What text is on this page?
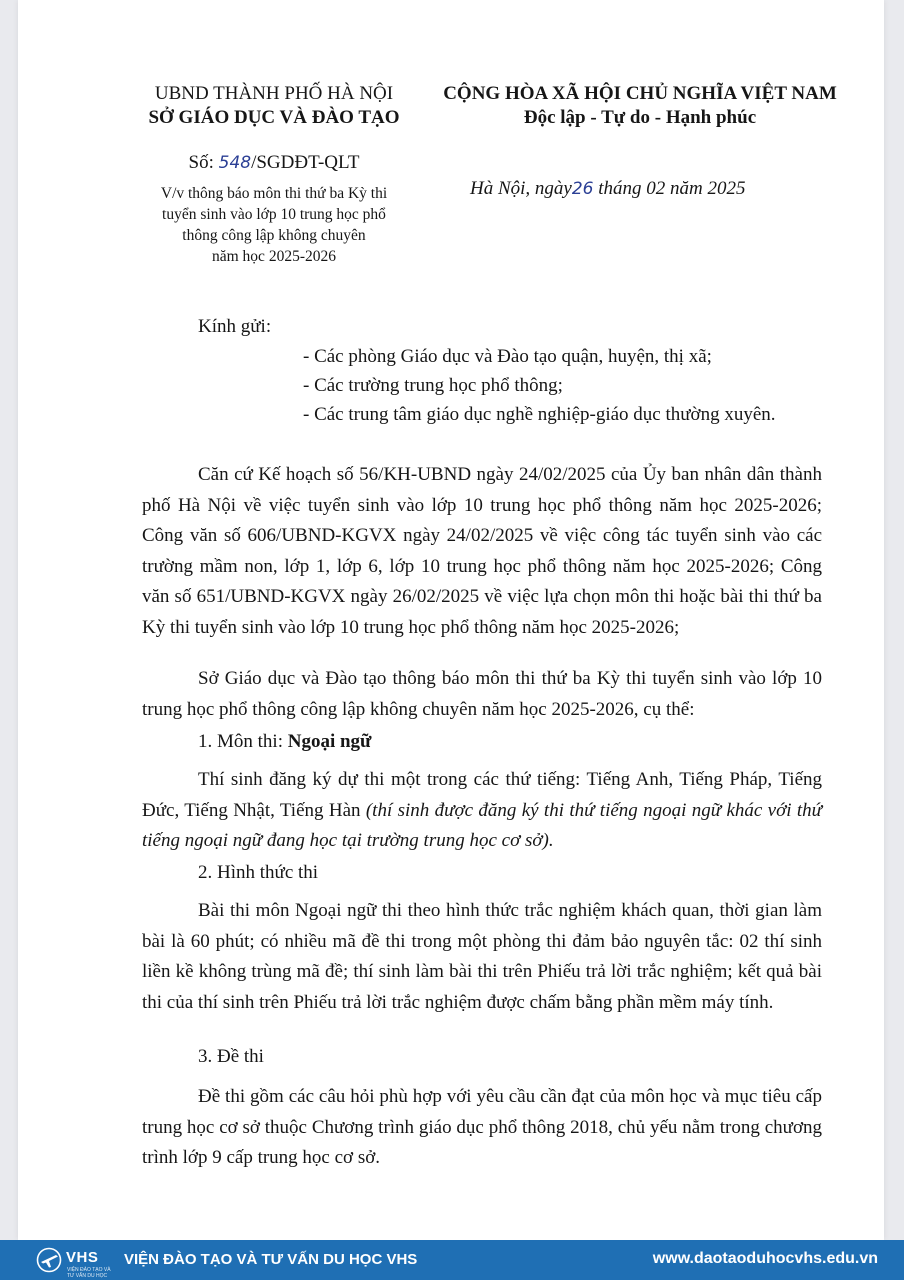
UBND THÀNH PHỐ HÀ NỘI
SỞ GIÁO DỤC VÀ ĐÀO TẠO
CỘNG HÒA XÃ HỘI CHỦ NGHĨA VIỆT NAM
Độc lập - Tự do - Hạnh phúc
Số: 548/SGDĐT-QLT
V/v thông báo môn thi thứ ba Kỳ thi
tuyển sinh vào lớp 10 trung học phổ
thông công lập không chuyên
năm học 2025-2026
Hà Nội, ngày26 tháng 02 năm 2025
Kính gửi:
- Các phòng Giáo dục và Đào tạo quận, huyện, thị xã;
- Các trường trung học phổ thông;
- Các trung tâm giáo dục nghề nghiệp-giáo dục thường xuyên.
Căn cứ Kế hoạch số 56/KH-UBND ngày 24/02/2025 của Ủy ban nhân dân thành phố Hà Nội về việc tuyển sinh vào lớp 10 trung học phổ thông năm học 2025-2026; Công văn số 606/UBND-KGVX ngày 24/02/2025 về việc công tác tuyển sinh vào các trường mầm non, lớp 1, lớp 6, lớp 10 trung học phổ thông năm học 2025-2026; Công văn số 651/UBND-KGVX ngày 26/02/2025 về việc lựa chọn môn thi hoặc bài thi thứ ba Kỳ thi tuyển sinh vào lớp 10 trung học phổ thông năm học 2025-2026;
Sở Giáo dục và Đào tạo thông báo môn thi thứ ba Kỳ thi tuyển sinh vào lớp 10 trung học phổ thông công lập không chuyên năm học 2025-2026, cụ thể:
1. Môn thi: Ngoại ngữ
Thí sinh đăng ký dự thi một trong các thứ tiếng: Tiếng Anh, Tiếng Pháp, Tiếng Đức, Tiếng Nhật, Tiếng Hàn (thí sinh được đăng ký thi thứ tiếng ngoại ngữ khác với thứ tiếng ngoại ngữ đang học tại trường trung học cơ sở).
2. Hình thức thi
Bài thi môn Ngoại ngữ thi theo hình thức trắc nghiệm khách quan, thời gian làm bài là 60 phút; có nhiều mã đề thi trong một phòng thi đảm bảo nguyên tắc: 02 thí sinh liền kề không trùng mã đề; thí sinh làm bài thi trên Phiếu trả lời trắc nghiệm; kết quả bài thi của thí sinh trên Phiếu trả lời trắc nghiệm được chấm bằng phần mềm máy tính.
3. Đề thi
Đề thi gồm các câu hỏi phù hợp với yêu cầu cần đạt của môn học và mục tiêu cấp trung học cơ sở thuộc Chương trình giáo dục phổ thông 2018, chủ yếu nằm trong chương trình lớp 9 cấp trung học cơ sở.
VHS
VIỆN ĐÀO TẠO VÀ TƯ VẤN DU HỌC
VIỆN ĐÀO TẠO VÀ TƯ VẤN DU HỌC VHS	www.daotaoduhocvhs.edu.vn
